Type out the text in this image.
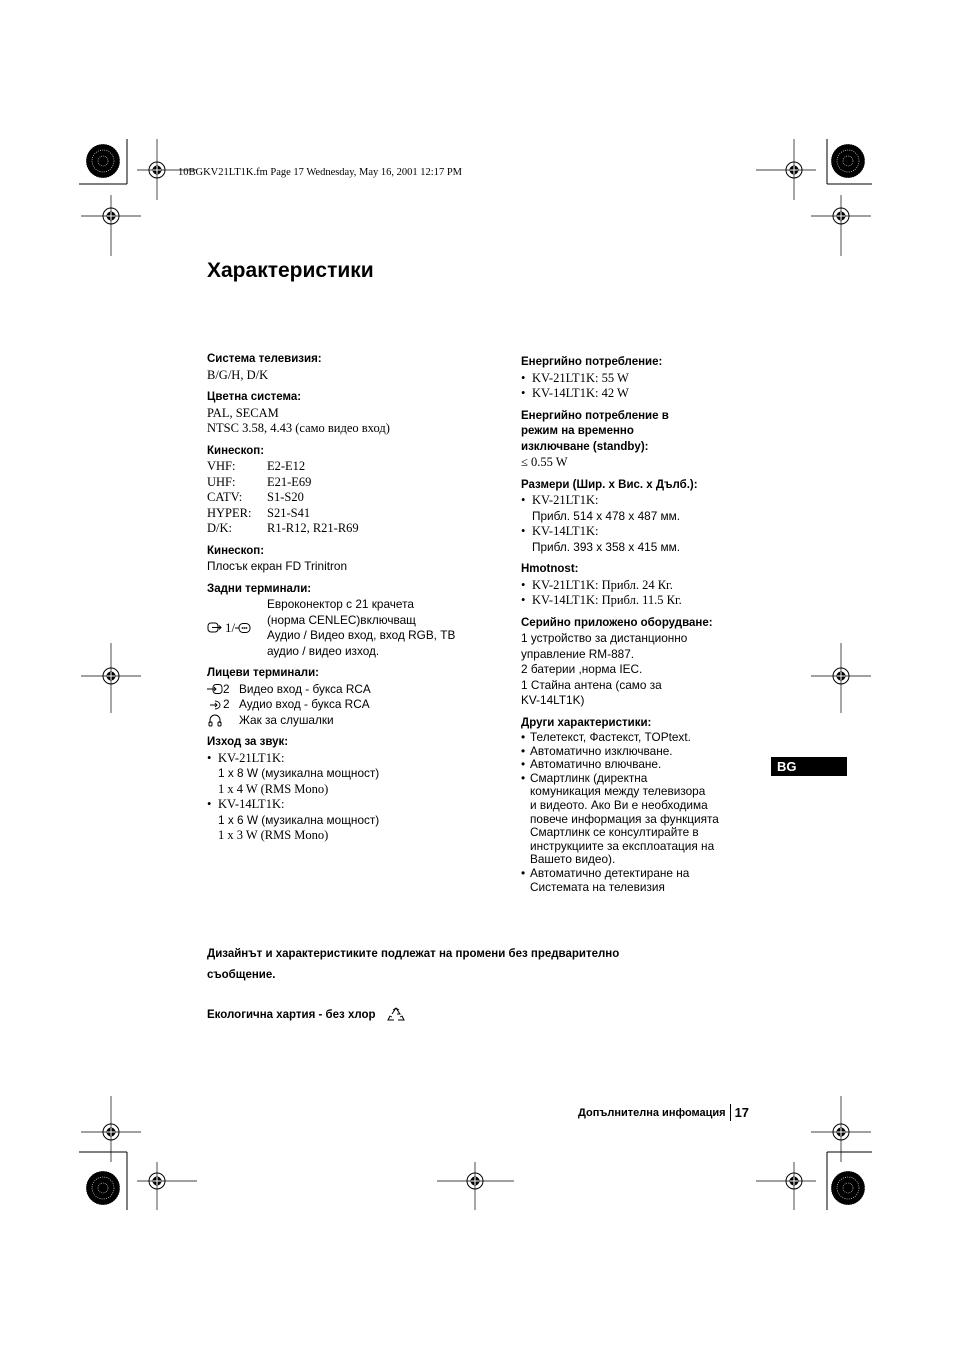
10BGKV21LT1K.fm Page 17 Wednesday, May 16, 2001 12:17 PM
Характеристики
Система телевизия:
B/G/H, D/K
Цветна система:
PAL, SECAM
NTSC 3.58, 4.43 (само видео вход)
Кинескоп:
VHF:	E2-E12
UHF:	E21-E69
CATV:	S1-S20
HYPER:	S21-S41
D/K:	R1-R12, R21-R69
Кинескоп:
Плосък екран FD Trinitron
Задни терминали:
1/
Евроконектор с 21 крачета
(норма CENLEC)включващ
Аудио / Видео вход, вход RGB, ТВ
аудио / видео изход.
Лицеви терминали:
2 Видео вход - букса RCA
2 Аудио вход - букса RCA
Жак за слушалки
Изход за звук:
• KV-21LT1K:
1 x 8 W (музикална мощност)
1 x 4 W (RMS Mono)
• KV-14LT1K:
1 x 6 W (музикална мощност)
1 x 3 W (RMS Mono)
Енергийно потребление:
• KV-21LT1K: 55 W
• KV-14LT1K: 42 W
Енергийно потребление в
режим на временно
изключване (standby):
≤ 0.55 W
Размери (Шир. x Вис. x Дълб.):
• KV-21LT1K:
Прибл. 514 x 478 x 487 мм.
• KV-14LT1K:
Прибл. 393 x 358 x 415 мм.
Hmotnost:
• KV-21LT1K: Прибл. 24 Кг.
• KV-14LT1K: Прибл. 11.5 Кг.
Серийно приложено оборудване:
1 устройство за дистанционно
управление RM-887.
2 батерии ,норма IEC.
1 Стайна антена (само за
KV-14LT1K)
Други характеристики:
• Телетекст, Фастекст, TOPtext.
• Автоматично изключване.
• Автоматично влючване.
• Смартлинк (директна
комуникация между телевизора
и видеото. Ако Ви е необходима
повече информация за функцията
Смартлинк се консултирайте в
инструкциите за експлоатация на
Вашето видео).
• Автоматично детектиране на
Системата на телевизия
BG
Дизайнът и характеристиките подлежат на промени без предварително
съобщение.
Екологична хартия - без хлор
Допълнителна инфомация 17
